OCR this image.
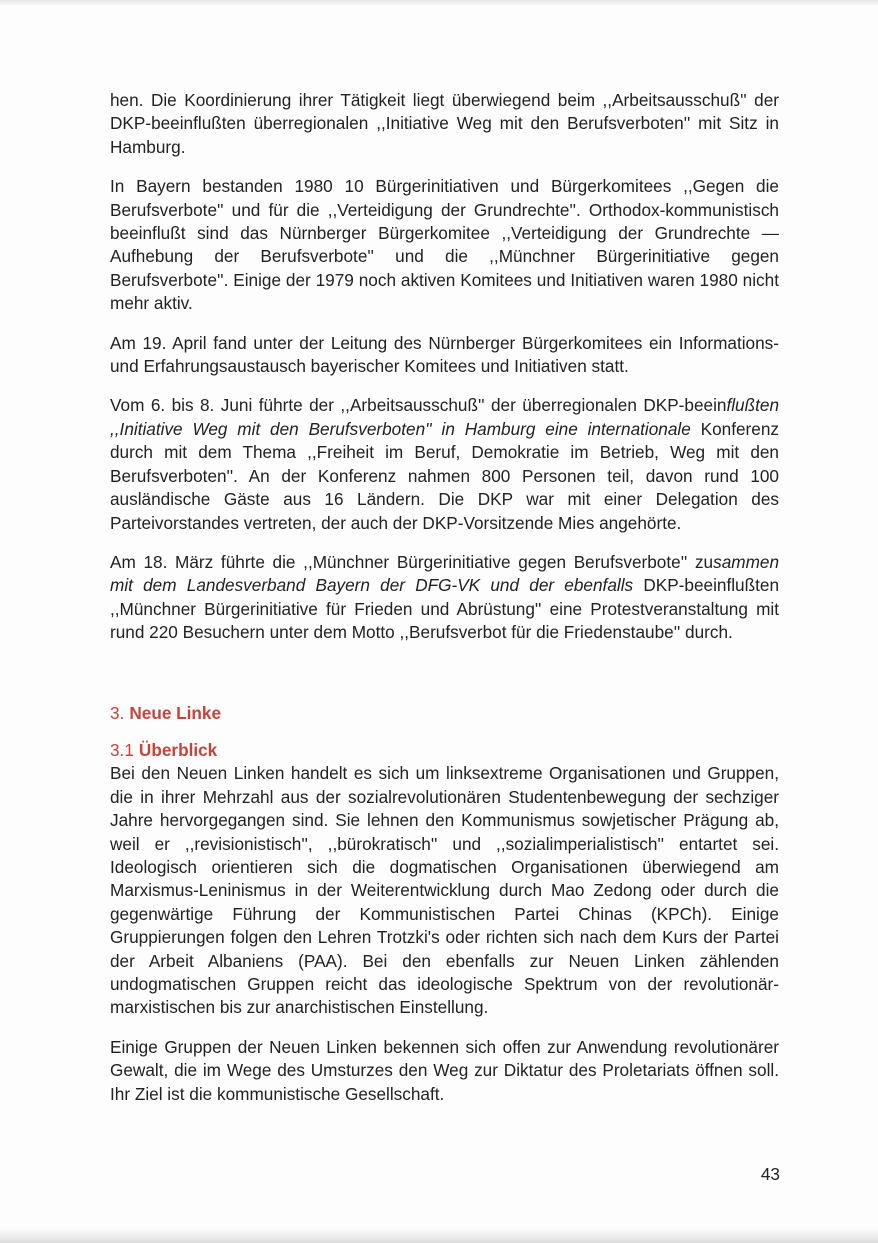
hen. Die Koordinierung ihrer Tätigkeit liegt überwiegend beim ,,Arbeitsausschuß'' der DKP-beeinflußten überregionalen ,,Initiative Weg mit den Berufsverboten'' mit Sitz in Hamburg.

In Bayern bestanden 1980 10 Bürgerinitiativen und Bürgerkomitees ,,Gegen die Berufsverbote'' und für die ,,Verteidigung der Grundrechte''. Orthodox-kommunistisch beeinflußt sind das Nürnberger Bürgerkomitee ,,Verteidigung der Grundrechte — Aufhebung der Berufsverbote'' und die ,,Münchner Bürgerinitiative gegen Berufsverbote''. Einige der 1979 noch aktiven Komitees und Initiativen waren 1980 nicht mehr aktiv.

Am 19. April fand unter der Leitung des Nürnberger Bürgerkomitees ein Informations- und Erfahrungsaustausch bayerischer Komitees und Initiativen statt.

Vom 6. bis 8. Juni führte der ,,Arbeitsausschuß'' der überregionalen DKP-beeinflußten ,,Initiative Weg mit den Berufsverboten'' in Hamburg eine internationale Konferenz durch mit dem Thema ,,Freiheit im Beruf, Demokratie im Betrieb, Weg mit den Berufsverboten''. An der Konferenz nahmen 800 Personen teil, davon rund 100 ausländische Gäste aus 16 Ländern. Die DKP war mit einer Delegation des Parteivorstandes vertreten, der auch der DKP-Vorsitzende Mies angehörte.

Am 18. März führte die ,,Münchner Bürgerinitiative gegen Berufsverbote'' zusammen mit dem Landesverband Bayern der DFG-VK und der ebenfalls DKP-beeinflußten ,,Münchner Bürgerinitiative für Frieden und Abrüstung'' eine Protestveranstaltung mit rund 220 Besuchern unter dem Motto ,,Berufsverbot für die Friedenstaube'' durch.

3. Neue Linke
3.1 Überblick

Bei den Neuen Linken handelt es sich um linksextreme Organisationen und Gruppen, die in ihrer Mehrzahl aus der sozialrevolutionären Studentenbewegung der sechziger Jahre hervorgegangen sind. Sie lehnen den Kommunismus sowjetischer Prägung ab, weil er ,,revisionistisch'', ,,bürokratisch'' und ,,sozialimperialistisch'' entartet sei. Ideologisch orientieren sich die dogmatischen Organisationen überwiegend am Marxismus-Leninismus in der Weiterentwicklung durch Mao Zedong oder durch die gegenwärtige Führung der Kommunistischen Partei Chinas (KPCh). Einige Gruppierungen folgen den Lehren Trotzki's oder richten sich nach dem Kurs der Partei der Arbeit Albaniens (PAA). Bei den ebenfalls zur Neuen Linken zählenden undogmatischen Gruppen reicht das ideologische Spektrum von der revolutionär-marxistischen bis zur anarchistischen Einstellung.

Einige Gruppen der Neuen Linken bekennen sich offen zur Anwendung revolutionärer Gewalt, die im Wege des Umsturzes den Weg zur Diktatur des Proletariats öffnen soll. Ihr Ziel ist die kommunistische Gesellschaft.

43
